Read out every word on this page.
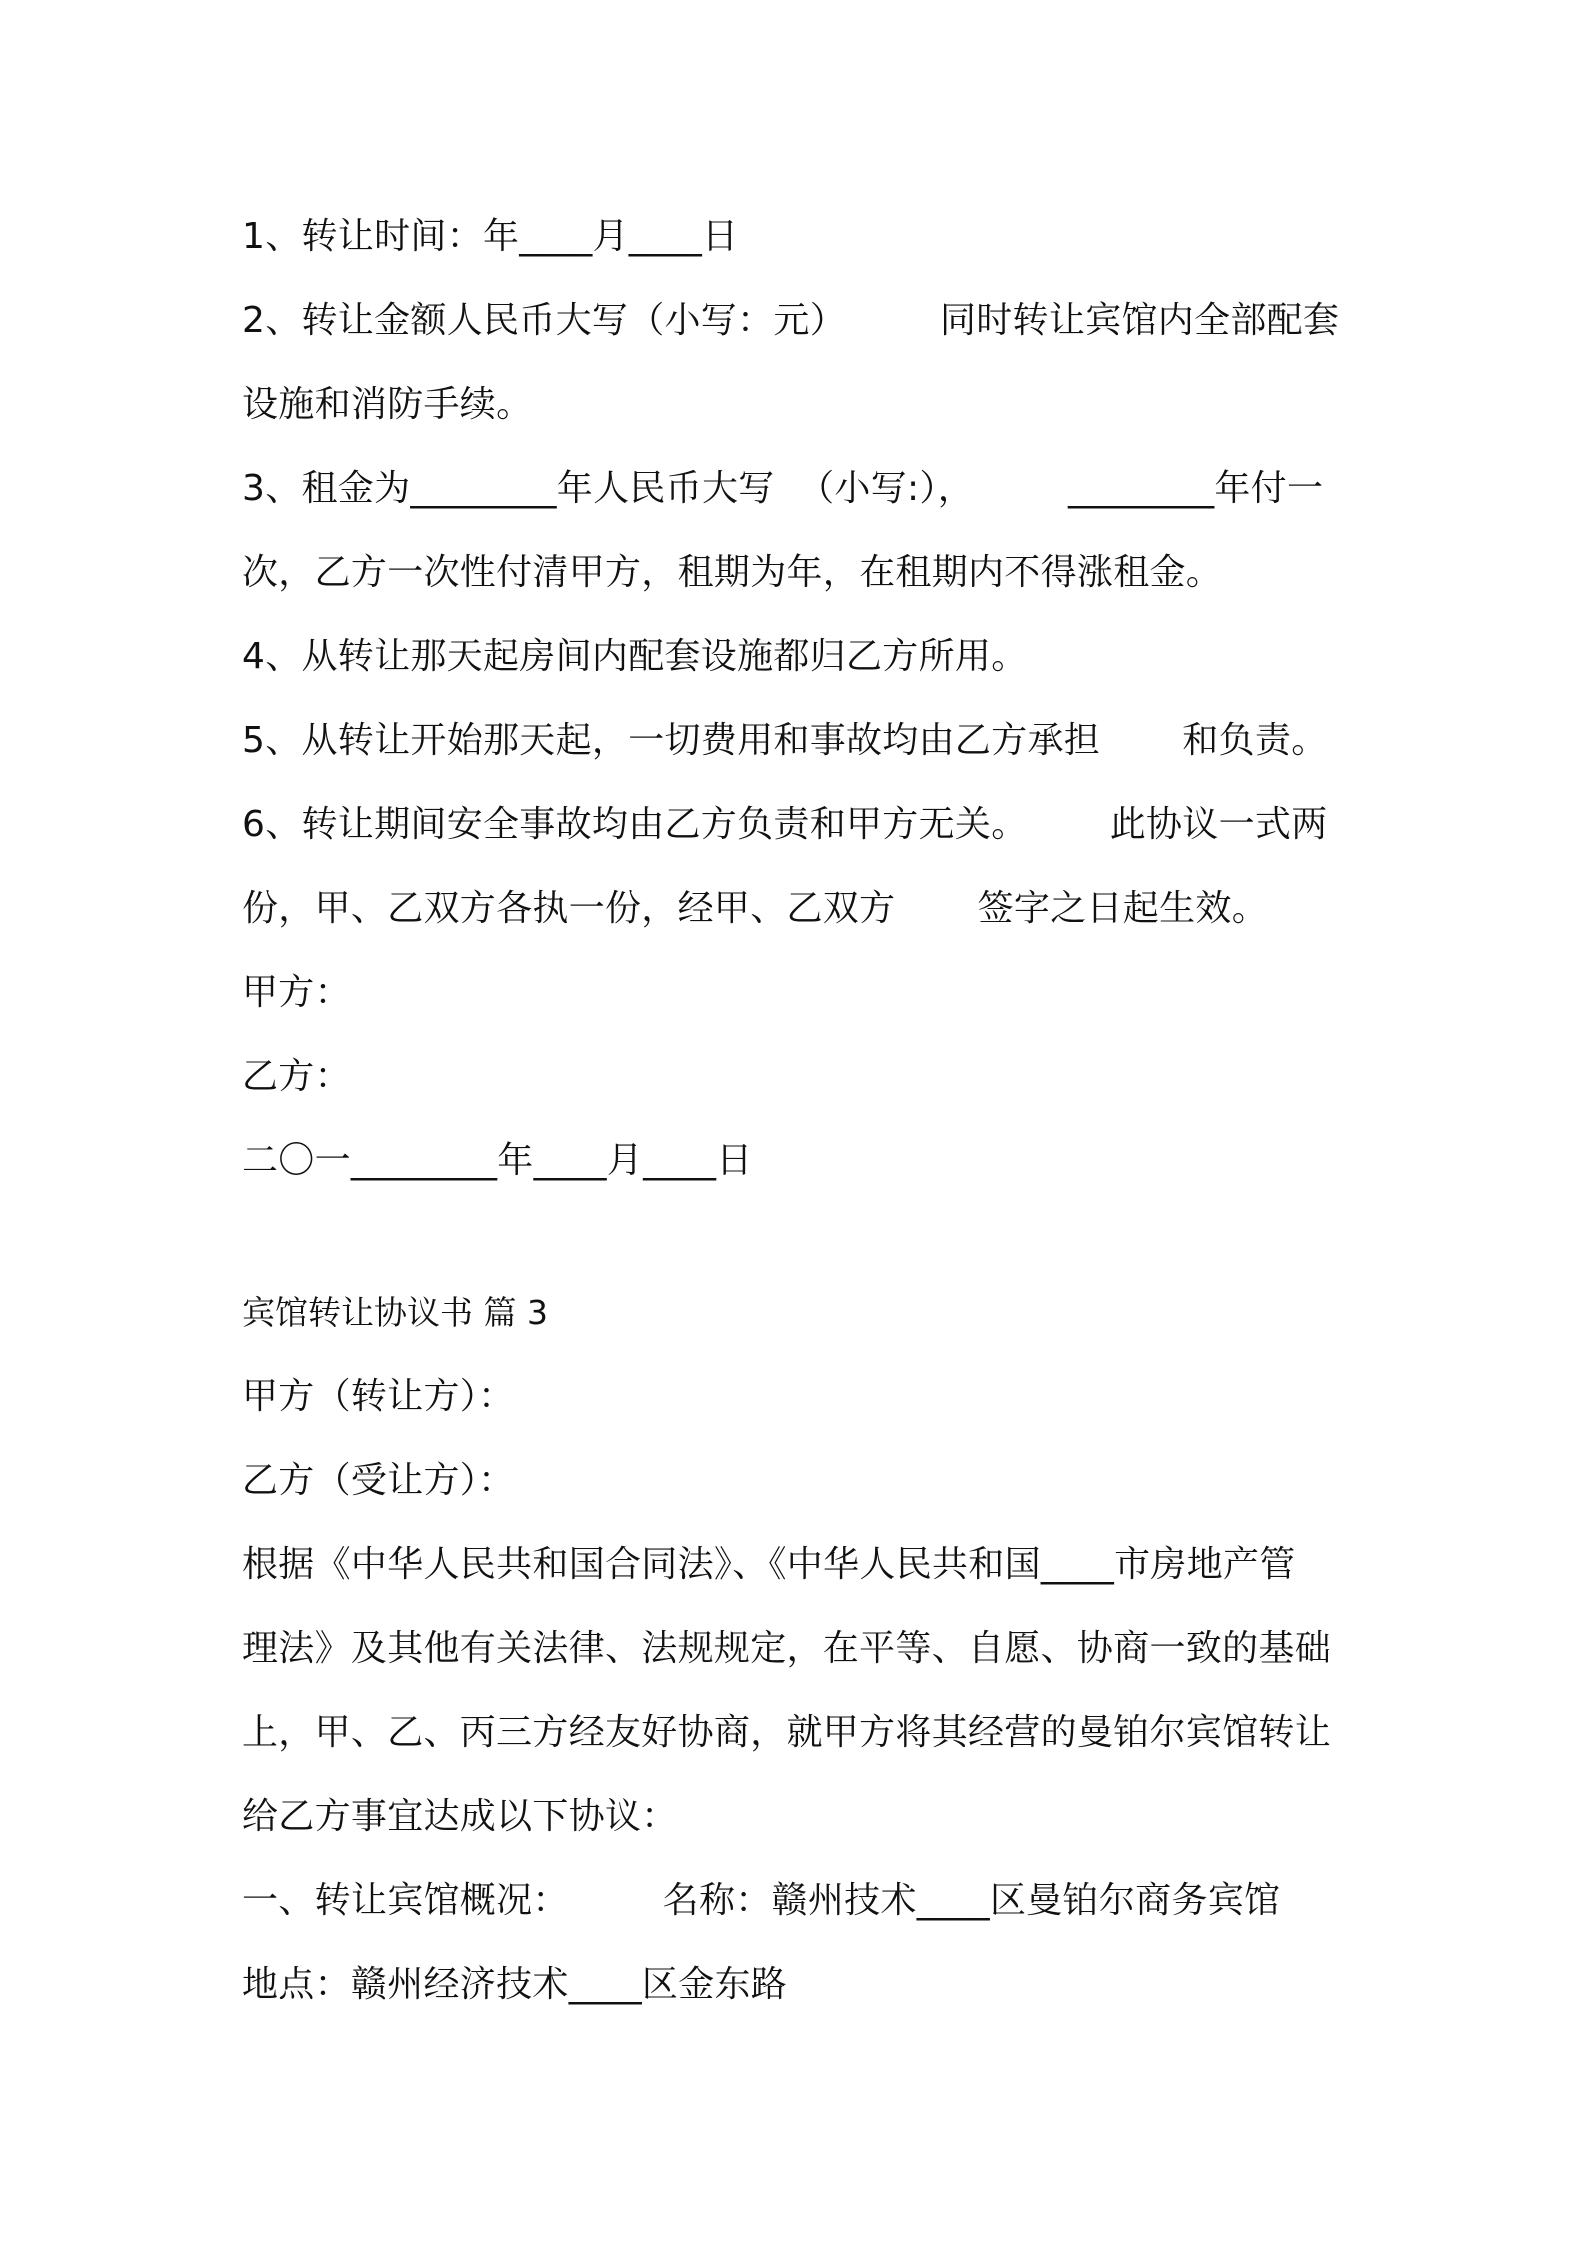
1、转让时间：年____月____日
2、转让金额人民币大写（小写：元）        同时转让宾馆内全部配套
设施和消防手续。
3、租金为________年人民币大写  （小写:），        ________年付一
次，乙方一次性付清甲方，租期为年，在租期内不得涨租金。
4、从转让那天起房间内配套设施都归乙方所用。
5、从转让开始那天起，一切费用和事故均由乙方承担       和负责。
6、转让期间安全事故均由乙方负责和甲方无关。       此协议一式两
份，甲、乙双方各执一份，经甲、乙双方       签字之日起生效。
甲方：
乙方：
二〇一________年____月____日
宾馆转让协议书 篇 3
甲方（转让方）：
乙方（受让方）：
根据《中华人民共和国合同法》、《中华人民共和国____市房地产管
理法》及其他有关法律、法规规定，在平等、自愿、协商一致的基础
上，甲、乙、丙三方经友好协商，就甲方将其经营的曼铂尔宾馆转让
给乙方事宜达成以下协议：
一、转让宾馆概况：        名称：赣州技术____区曼铂尔商务宾馆
地点：赣州经济技术____区金东路
